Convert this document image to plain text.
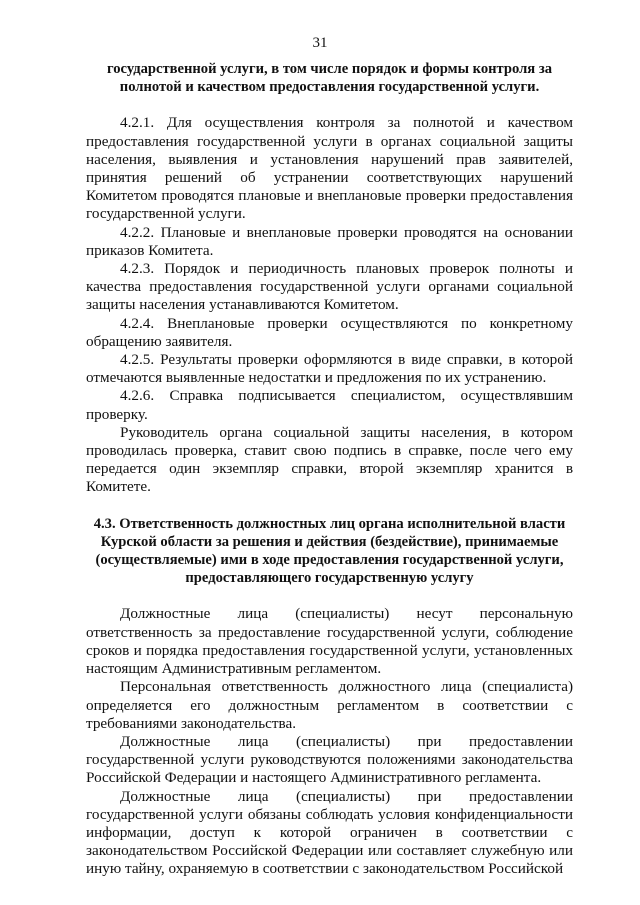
31

государственной услуги, в том числе порядок и формы контроля за полнотой и качеством предоставления государственной услуги.

4.2.1. Для осуществления контроля за полнотой и качеством предоставления государственной услуги в органах социальной защиты населения, выявления и установления нарушений прав заявителей, принятия решений об устранении соответствующих нарушений Комитетом проводятся плановые и внеплановые проверки предоставления государственной услуги.

4.2.2. Плановые и внеплановые проверки проводятся на основании приказов Комитета.

4.2.3. Порядок и периодичность плановых проверок полноты и качества предоставления государственной услуги органами социальной защиты населения устанавливаются Комитетом.

4.2.4. Внеплановые проверки осуществляются по конкретному обращению заявителя.

4.2.5. Результаты проверки оформляются в виде справки, в которой отмечаются выявленные недостатки и предложения по их устранению.

4.2.6. Справка подписывается специалистом, осуществлявшим проверку.

Руководитель органа социальной защиты населения, в котором проводилась проверка, ставит свою подпись в справке, после чего ему передается один экземпляр справки, второй экземпляр хранится в Комитете.

4.3. Ответственность должностных лиц органа исполнительной власти Курской области за решения и действия (бездействие), принимаемые (осуществляемые) ими в ходе предоставления государственной услуги, предоставляющего государственную услугу

Должностные лица (специалисты) несут персональную ответственность за предоставление государственной услуги, соблюдение сроков и порядка предоставления государственной услуги, установленных настоящим Административным регламентом.

Персональная ответственность должностного лица (специалиста) определяется его должностным регламентом в соответствии с требованиями законодательства.

Должностные лица (специалисты) при предоставлении государственной услуги руководствуются положениями законодательства Российской Федерации и настоящего Административного регламента.

Должностные лица (специалисты) при предоставлении государственной услуги обязаны соблюдать условия конфиденциальности информации, доступ к которой ограничен в соответствии с законодательством Российской Федерации или составляет служебную или иную тайну, охраняемую в соответствии с законодательством Российской
